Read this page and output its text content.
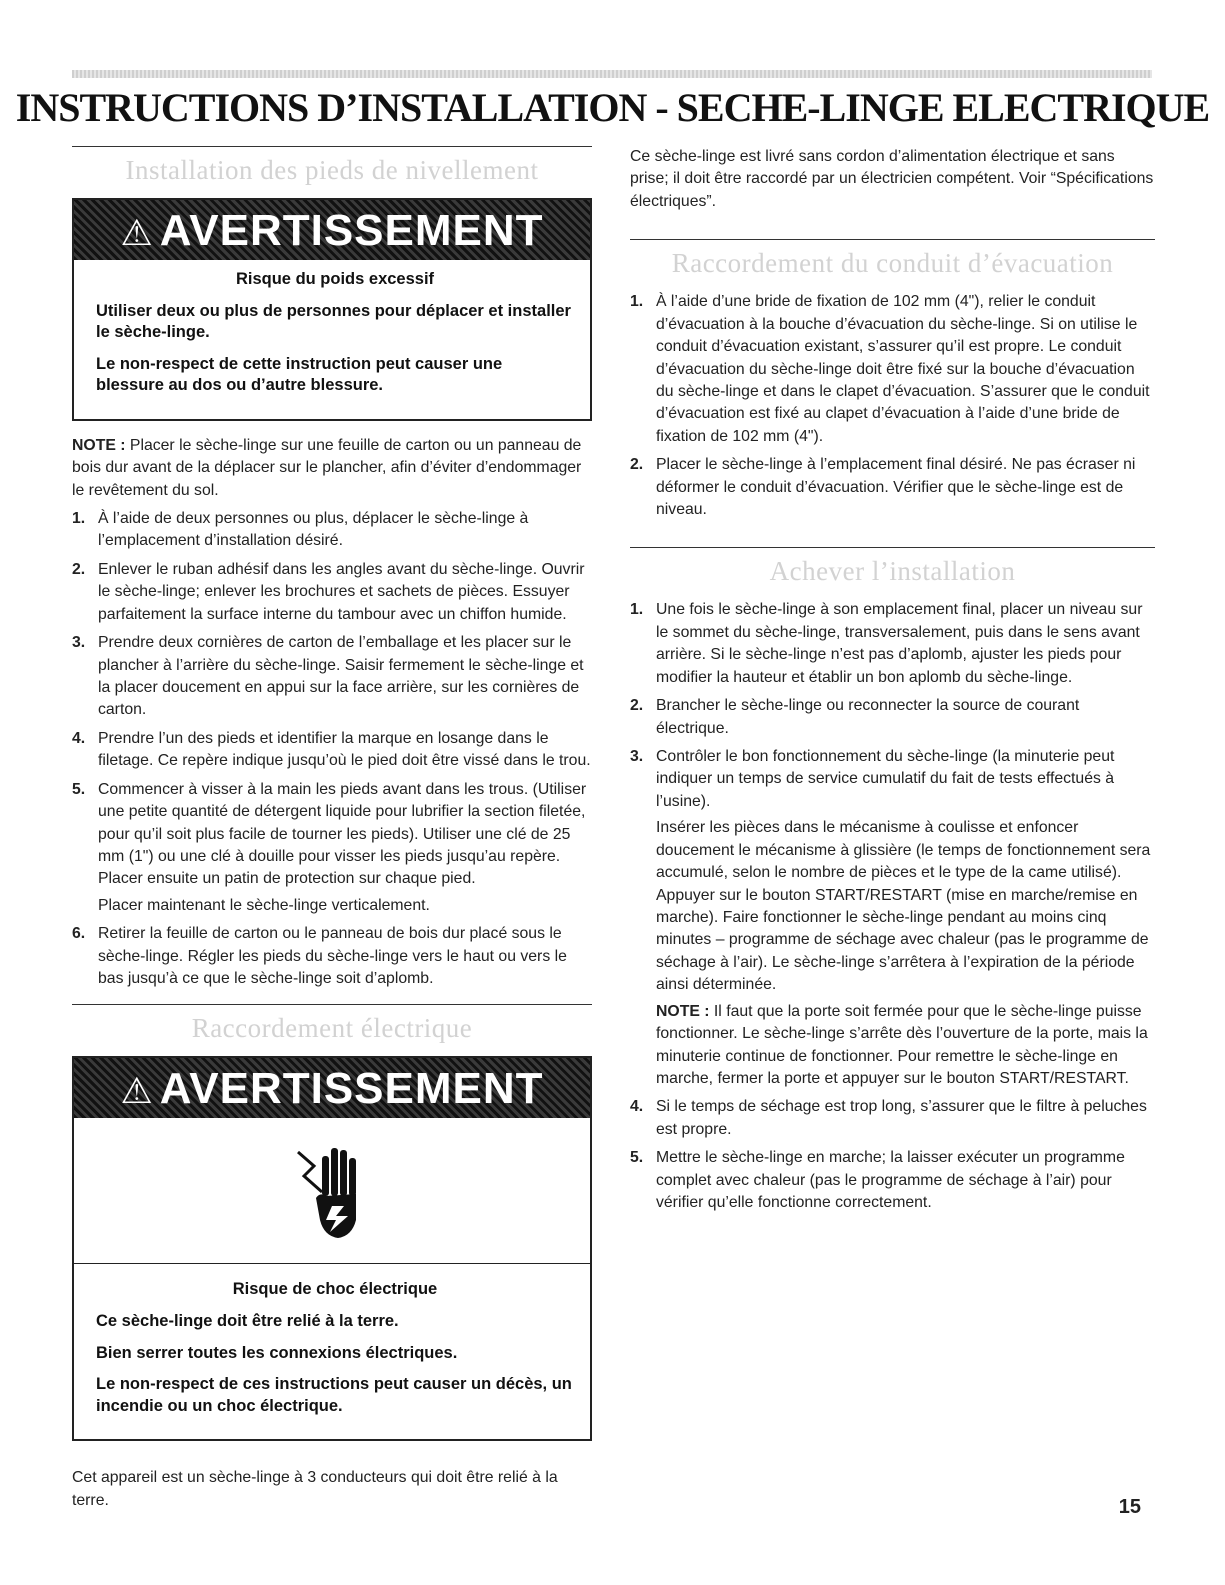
INSTRUCTIONS D’INSTALLATION - SECHE-LINGE ELECTRIQUE
Installation des pieds de nivellement
⚠ AVERTISSEMENT
Risque du poids excessif

Utiliser deux ou plus de personnes pour déplacer et installer le sèche-linge.

Le non-respect de cette instruction peut causer une blessure au dos ou d’autre blessure.

NOTE : Placer le sèche-linge sur une feuille de carton ou un panneau de bois dur avant de la déplacer sur le plancher, afin d’éviter d’endommager le revêtement du sol.

1. À l’aide de deux personnes ou plus, déplacer le sèche-linge à l’emplacement d’installation désiré.
2. Enlever le ruban adhésif dans les angles avant du sèche-linge. Ouvrir le sèche-linge; enlever les brochures et sachets de pièces. Essuyer parfaitement la surface interne du tambour avec un chiffon humide.
3. Prendre deux cornières de carton de l’emballage et les placer sur le plancher à l’arrière du sèche-linge. Saisir fermement le sèche-linge et la placer doucement en appui sur la face arrière, sur les cornières de carton.
4. Prendre l’un des pieds et identifier la marque en losange dans le filetage. Ce repère indique jusqu’où le pied doit être vissé dans le trou.
5. Commencer à visser à la main les pieds avant dans les trous. (Utiliser une petite quantité de détergent liquide pour lubrifier la section filetée, pour qu’il soit plus facile de tourner les pieds). Utiliser une clé de 25 mm (1") ou une clé à douille pour visser les pieds jusqu’au repère. Placer ensuite un patin de protection sur chaque pied.
Placer maintenant le sèche-linge verticalement.
6. Retirer la feuille de carton ou le panneau de bois dur placé sous le sèche-linge. Régler les pieds du sèche-linge vers le haut ou vers le bas jusqu’à ce que le sèche-linge soit d’aplomb.
Raccordement électrique
⚠ AVERTISSEMENT
Risque de choc électrique

Ce sèche-linge doit être relié à la terre.

Bien serrer toutes les connexions électriques.

Le non-respect de ces instructions peut causer un décès, un incendie ou un choc électrique.

Cet appareil est un sèche-linge à 3 conducteurs qui doit être relié à la terre.

Ce sèche-linge est livré sans cordon d’alimentation électrique et sans prise; il doit être raccordé par un électricien compétent. Voir “Spécifications électriques”.

Raccordement du conduit d’évacuation
1. À l’aide d’une bride de fixation de 102 mm (4"), relier le conduit d’évacuation à la bouche d’évacuation du sèche-linge. Si on utilise le conduit d’évacuation existant, s’assurer qu’il est propre. Le conduit d’évacuation du sèche-linge doit être fixé sur la bouche d’évacuation du sèche-linge et dans le clapet d’évacuation. S’assurer que le conduit d’évacuation est fixé au clapet d’évacuation à l’aide d’une bride de fixation de 102 mm (4").
2. Placer le sèche-linge à l’emplacement final désiré. Ne pas écraser ni déformer le conduit d’évacuation. Vérifier que le sèche-linge est de niveau.
Achever l’installation
1. Une fois le sèche-linge à son emplacement final, placer un niveau sur le sommet du sèche-linge, transversalement, puis dans le sens avant arrière. Si le sèche-linge n’est pas d’aplomb, ajuster les pieds pour modifier la hauteur et établir un bon aplomb du sèche-linge.
2. Brancher le sèche-linge ou reconnecter la source de courant électrique.
3. Contrôler le bon fonctionnement du sèche-linge (la minuterie peut indiquer un temps de service cumulatif du fait de tests effectués à l’usine).
Insérer les pièces dans le mécanisme à coulisse et enfoncer doucement le mécanisme à glissière (le temps de fonctionnement sera accumulé, selon le nombre de pièces et le type de la came utilisé). Appuyer sur le bouton START/RESTART (mise en marche/remise en marche). Faire fonctionner le sèche-linge pendant au moins cinq minutes – programme de séchage avec chaleur (pas le programme de séchage à l’air). Le sèche-linge s’arrêtera à l’expiration de la période ainsi déterminée.
NOTE : Il faut que la porte soit fermée pour que le sèche-linge puisse fonctionner. Le sèche-linge s’arrête dès l’ouverture de la porte, mais la minuterie continue de fonctionner. Pour remettre le sèche-linge en marche, fermer la porte et appuyer sur le bouton START/RESTART.
4. Si le temps de séchage est trop long, s’assurer que le filtre à peluches est propre.
5. Mettre le sèche-linge en marche; la laisser exécuter un programme complet avec chaleur (pas le programme de séchage à l’air) pour vérifier qu’elle fonctionne correctement.
15
